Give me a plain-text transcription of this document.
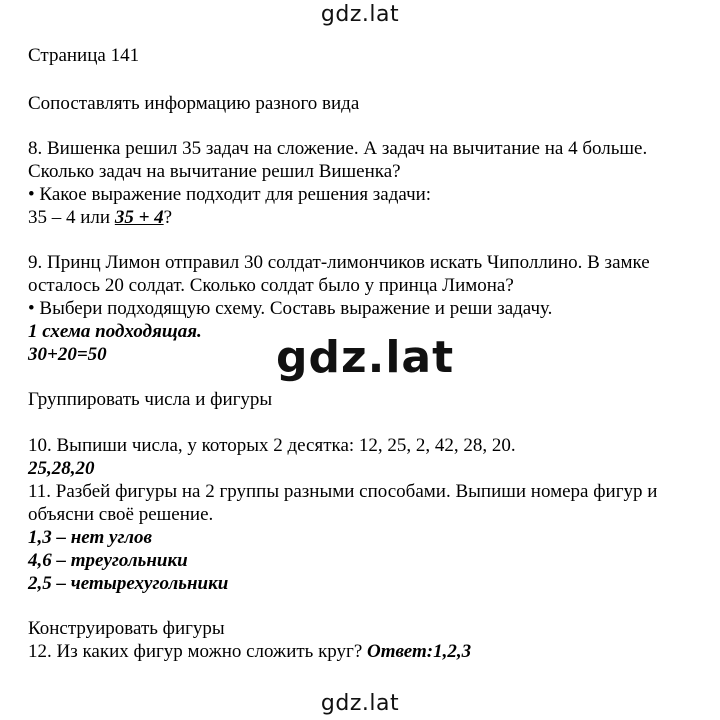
gdz.lat
Страница 141
Сопоставлять информацию разного вида
8. Вишенка решил 35 задач на сложение. А задач на вычитание на 4 больше.
Сколько задач на вычитание решил Вишенка?
• Какое выражение подходит для решения задачи:
35 – 4 или 35 + 4?
9. Принц Лимон отправил 30 солдат-лимончиков искать Чиполлино. В замке
осталось 20 солдат. Сколько солдат было у принца Лимона?
• Выбери подходящую схему. Составь выражение и реши задачу.
1 схема подходящая.
30+20=50	gdz.lat
Группировать числа и фигуры
10. Выпиши числа, у которых 2 десятка: 12, 25, 2, 42, 28, 20.
25,28,20
11. Разбей фигуры на 2 группы разными способами. Выпиши номера фигур и
объясни своё решение.
1,3 – нет углов
4,6 – треугольники
2,5 – четырехугольники
Конструировать фигуры
12. Из каких фигур можно сложить круг? Ответ:1,2,3
gdz.lat
